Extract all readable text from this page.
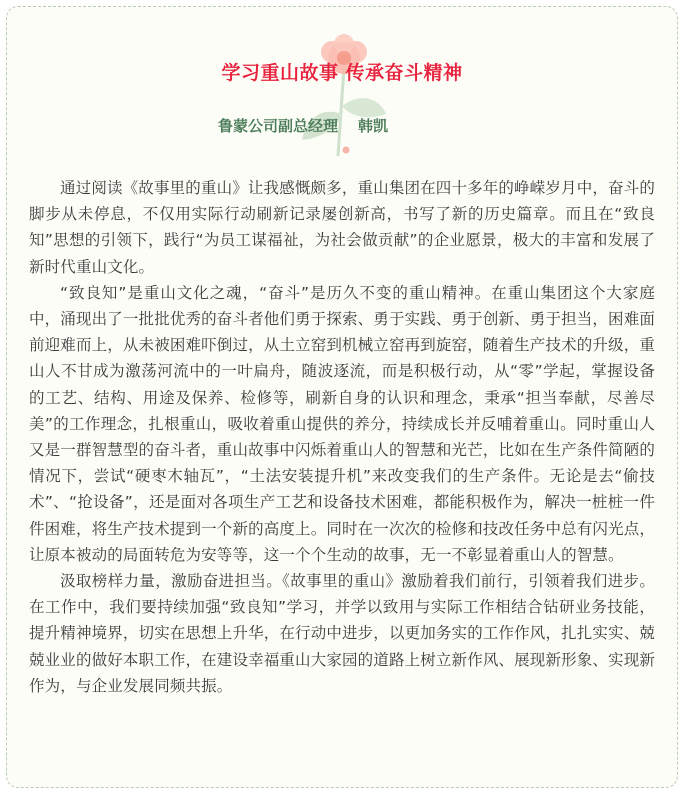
学习重山故事 传承奋斗精神
鲁蒙公司副总经理 韩凯

通过阅读《故事里的重山》让我感慨颇多，重山集团在四十多年的峥嵘岁月中，奋斗的脚步从未停息，不仅用实际行动刷新记录屡创新高，书写了新的历史篇章。而且在“致良知”思想的引领下，践行“为员工谋福祉，为社会做贡献”的企业愿景，极大的丰富和发展了新时代重山文化。

“致良知”是重山文化之魂，“奋斗”是历久不变的重山精神。在重山集团这个大家庭中，涌现出了一批批优秀的奋斗者他们勇于探索、勇于实践、勇于创新、勇于担当，困难面前迎难而上，从未被困难吓倒过，从土立窑到机械立窑再到旋窑，随着生产技术的升级，重山人不甘成为激荡河流中的一叶扁舟，随波逐流，而是积极行动，从“零”学起，掌握设备的工艺、结构、用途及保养、检修等，刷新自身的认识和理念，秉承“担当奉献，尽善尽美”的工作理念，扎根重山，吸收着重山提供的养分，持续成长并反哺着重山。同时重山人又是一群智慧型的奋斗者，重山故事中闪烁着重山人的智慧和光芒，比如在生产条件简陋的情况下，尝试“硬枣木轴瓦”，“土法安装提升机”来改变我们的生产条件。无论是去“偷技术”、“抢设备”，还是面对各项生产工艺和设备技术困难，都能积极作为，解决一桩桩一件件困难，将生产技术提到一个新的高度上。同时在一次次的检修和技改任务中总有闪光点，让原本被动的局面转危为安等等，这一个个生动的故事，无一不彰显着重山人的智慧。

汲取榜样力量，激励奋进担当。《故事里的重山》激励着我们前行，引领着我们进步。在工作中，我们要持续加强“致良知”学习，并学以致用与实际工作相结合钻研业务技能，提升精神境界，切实在思想上升华，在行动中进步，以更加务实的工作作风，扎扎实实、兢兢业业的做好本职工作，在建设幸福重山大家园的道路上树立新作风、展现新形象、实现新作为，与企业发展同频共振。
